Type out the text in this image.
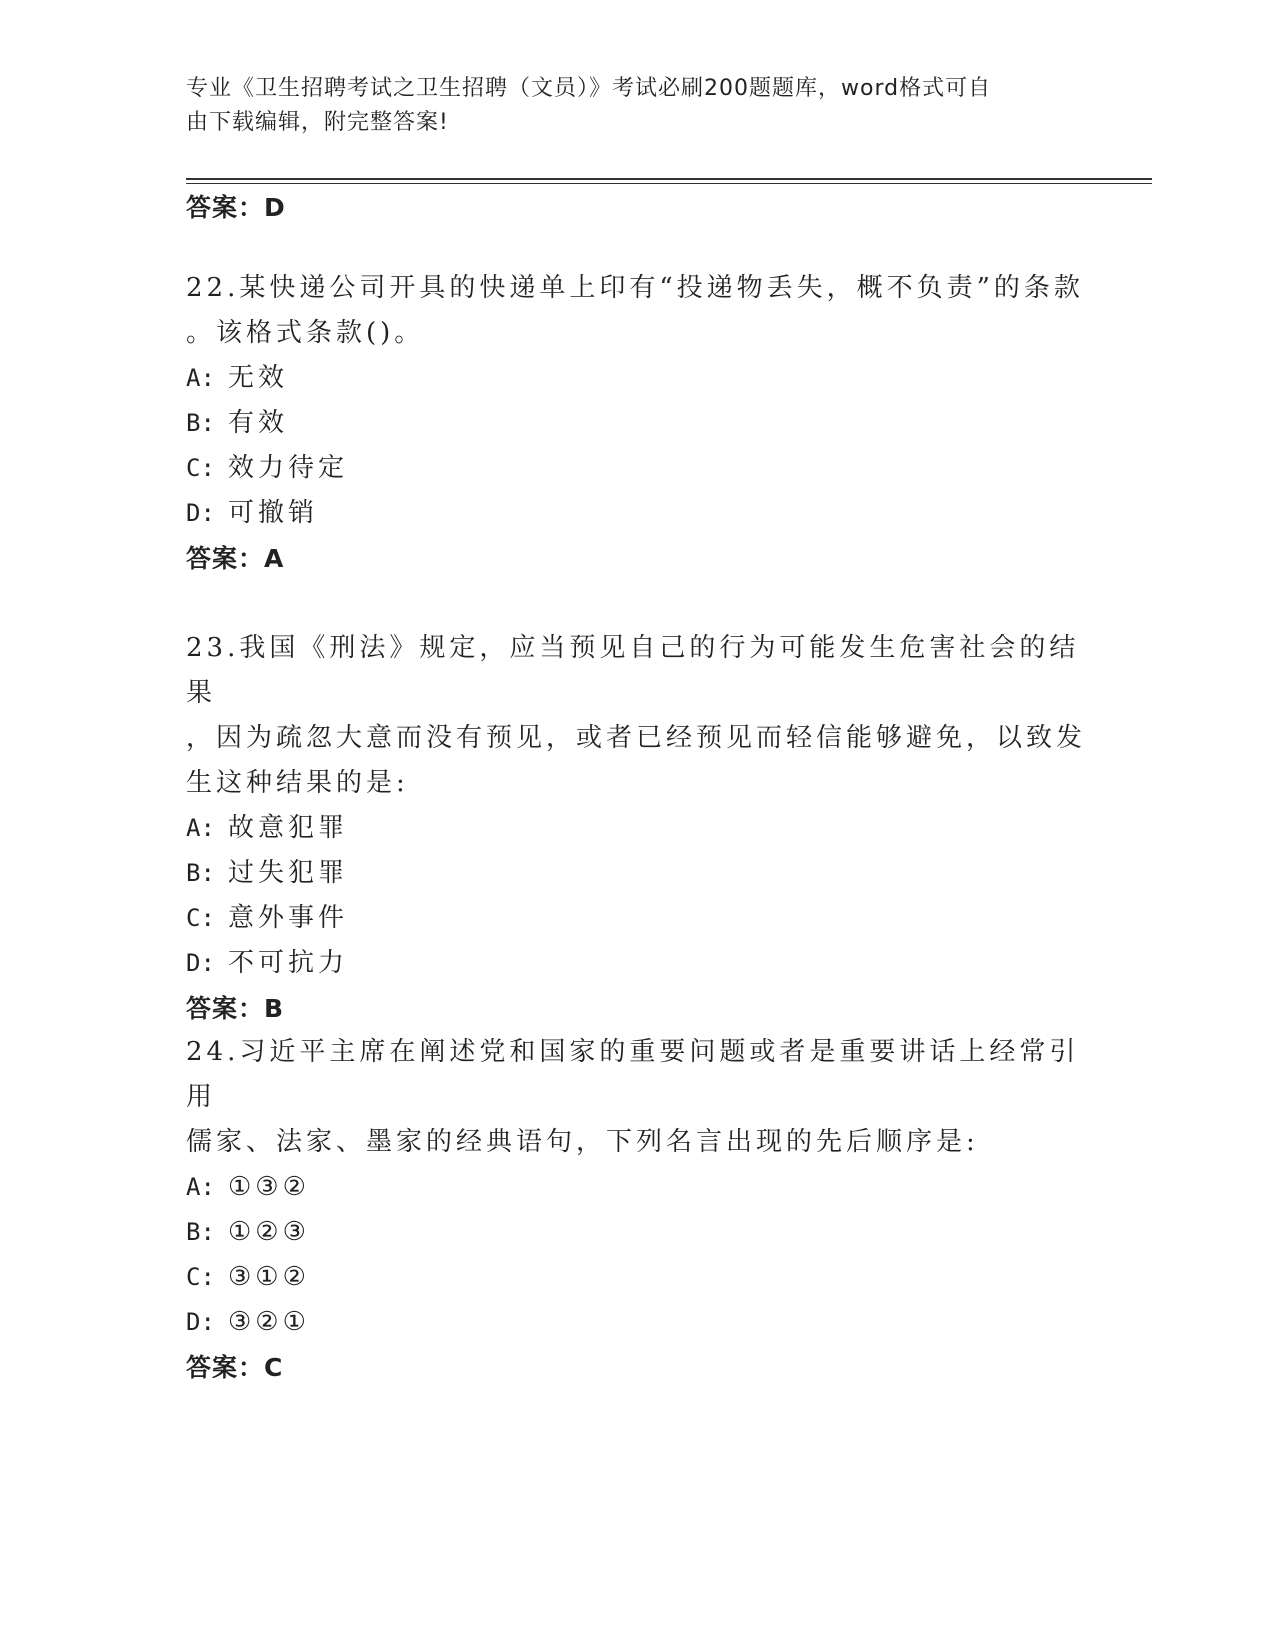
专业《卫生招聘考试之卫生招聘（文员）》考试必刷200题题库，word格式可自
由下载编辑，附完整答案!
答案：D
22.某快递公司开具的快递单上印有“投递物丢失，概不负责”的条款
。该格式条款()。
A: 无效
B: 有效
C: 效力待定
D: 可撤销
答案：A
23.我国《刑法》规定，应当预见自己的行为可能发生危害社会的结果
，因为疏忽大意而没有预见，或者已经预见而轻信能够避免，以致发
生这种结果的是:
A: 故意犯罪
B: 过失犯罪
C: 意外事件
D: 不可抗力
答案：B
24.习近平主席在阐述党和国家的重要问题或者是重要讲话上经常引用
儒家、法家、墨家的经典语句，下列名言出现的先后顺序是:
A: ①③②
B: ①②③
C: ③①②
D: ③②①
答案：C
